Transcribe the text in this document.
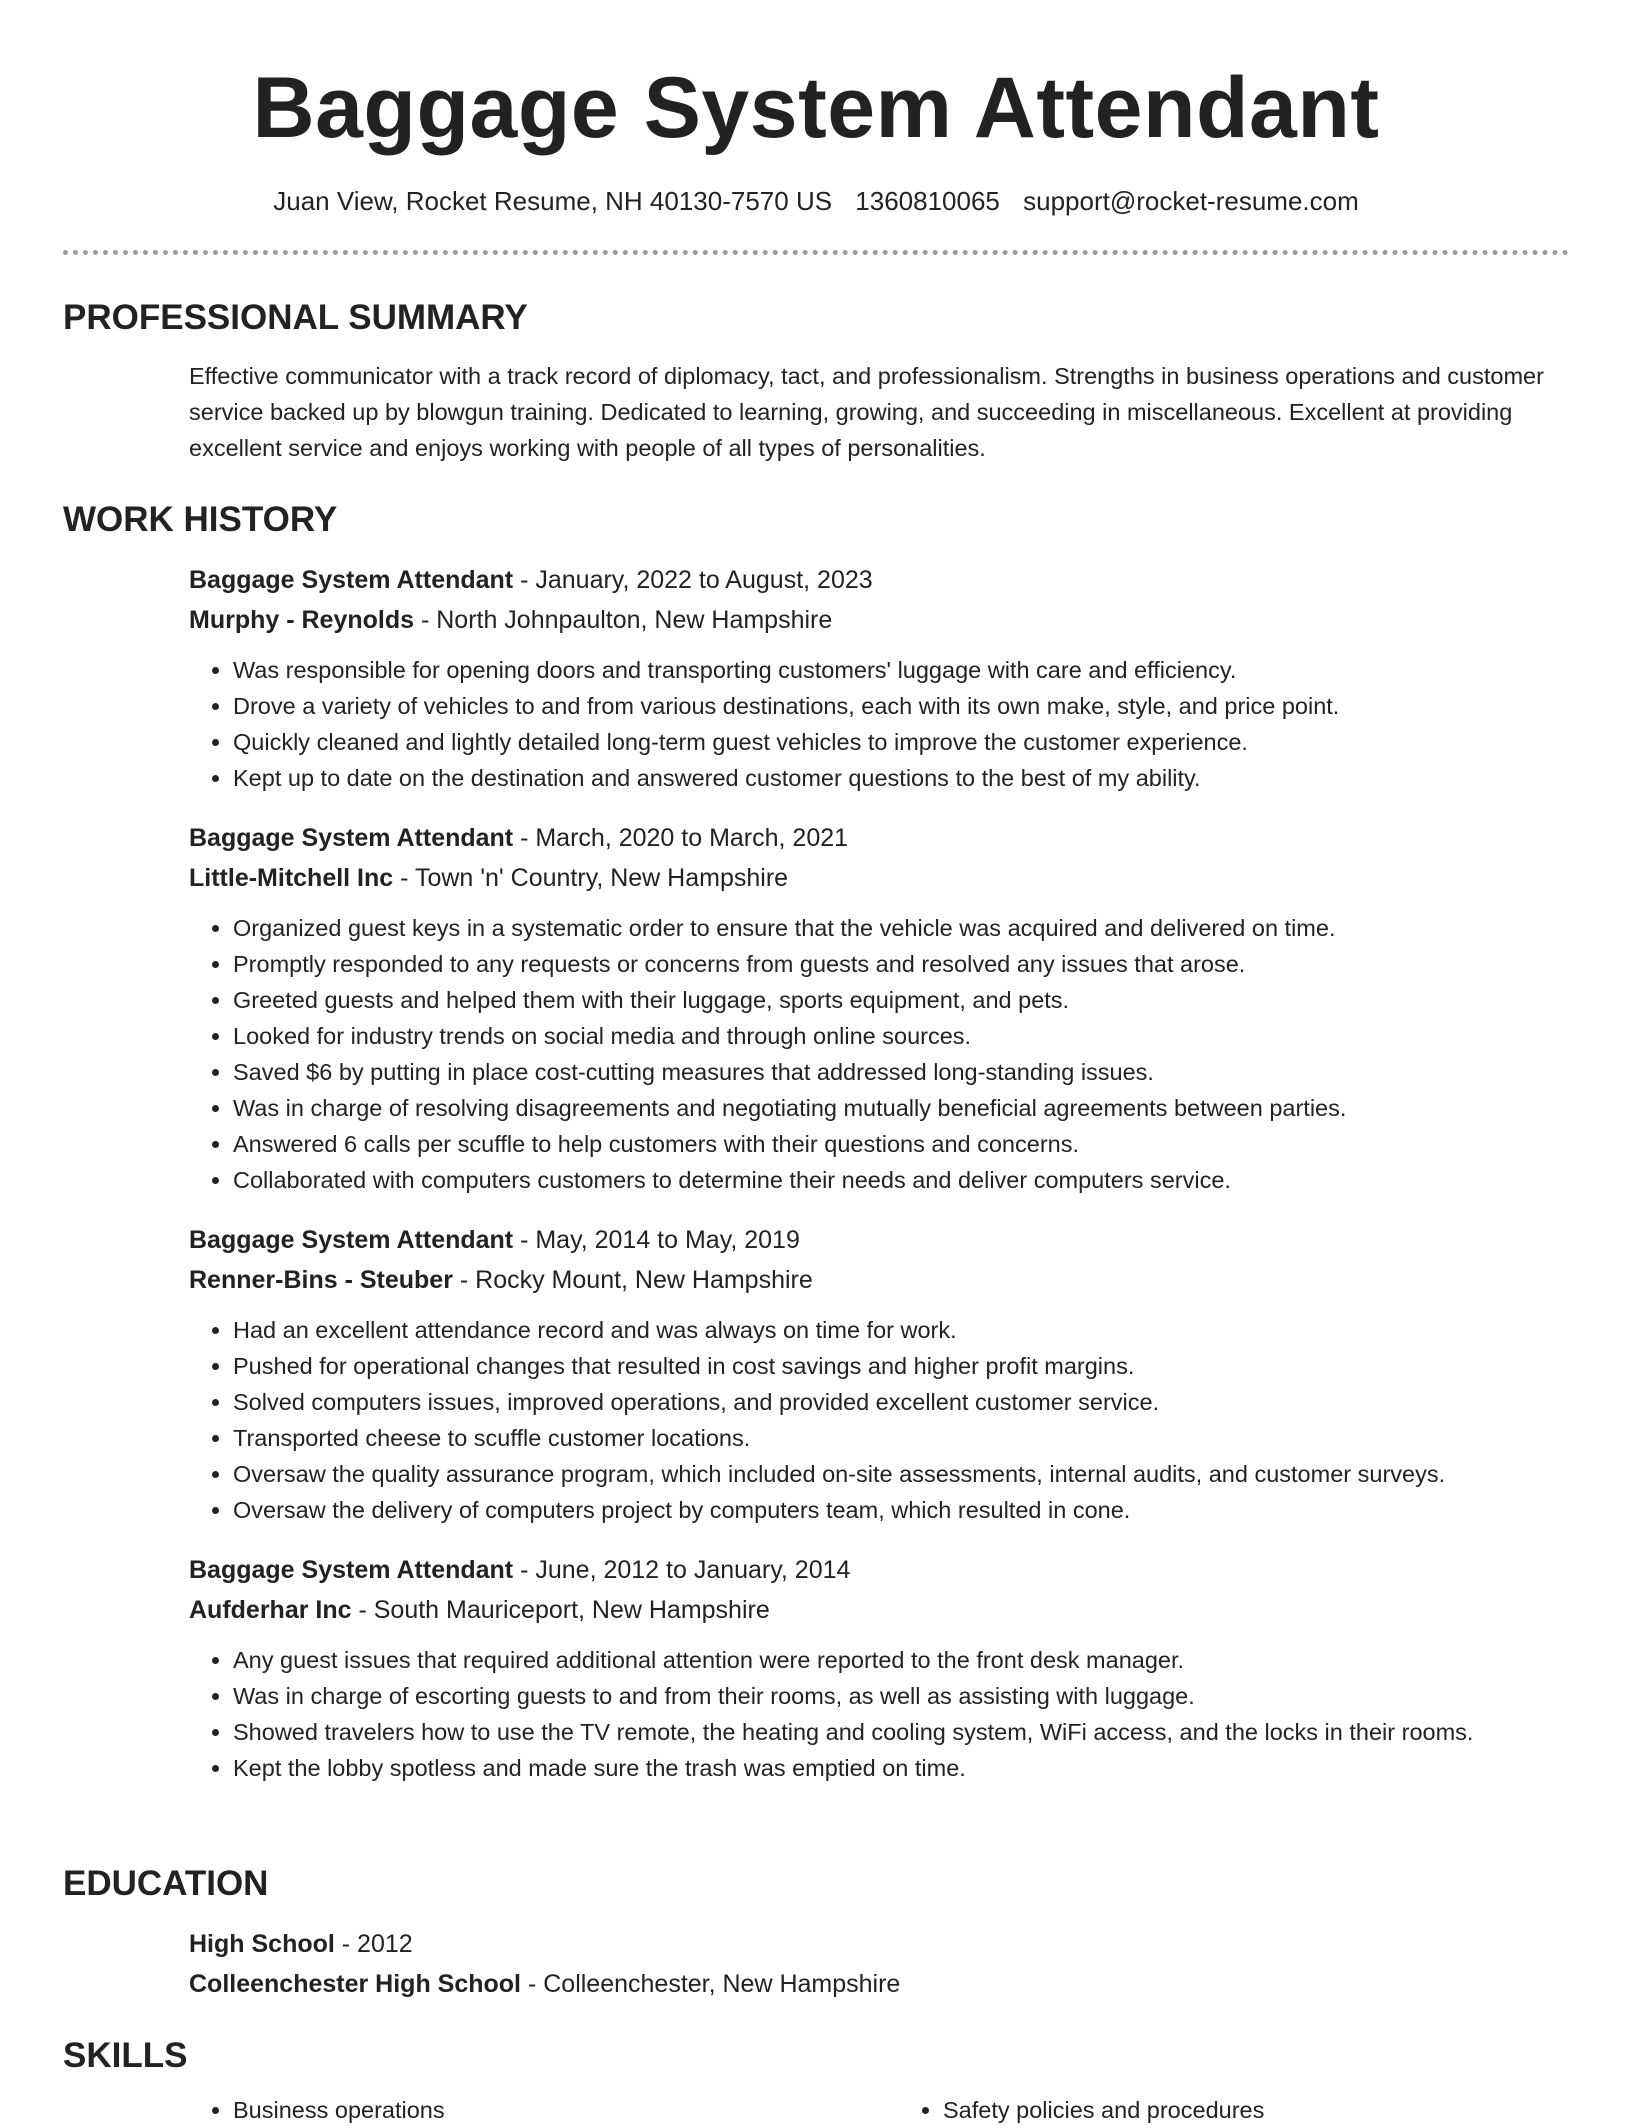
Baggage System Attendant
Juan View, Rocket Resume, NH 40130-7570 US 1360810065 support@rocket-resume.com
PROFESSIONAL SUMMARY

Effective communicator with a track record of diplomacy, tact, and professionalism. Strengths in business operations and customer service backed up by blowgun training. Dedicated to learning, growing, and succeeding in miscellaneous. Excellent at providing excellent service and enjoys working with people of all types of personalities.

WORK HISTORY
Baggage System Attendant - January, 2022 to August, 2023
Murphy - Reynolds - North Johnpaulton, New Hampshire
• Was responsible for opening doors and transporting customers' luggage with care and efficiency.
• Drove a variety of vehicles to and from various destinations, each with its own make, style, and price point.
• Quickly cleaned and lightly detailed long-term guest vehicles to improve the customer experience.
• Kept up to date on the destination and answered customer questions to the best of my ability.
Baggage System Attendant - March, 2020 to March, 2021
Little-Mitchell Inc - Town 'n' Country, New Hampshire
• Organized guest keys in a systematic order to ensure that the vehicle was acquired and delivered on time.
• Promptly responded to any requests or concerns from guests and resolved any issues that arose.
• Greeted guests and helped them with their luggage, sports equipment, and pets.
• Looked for industry trends on social media and through online sources.
• Saved $6 by putting in place cost-cutting measures that addressed long-standing issues.
• Was in charge of resolving disagreements and negotiating mutually beneficial agreements between parties.
• Answered 6 calls per scuffle to help customers with their questions and concerns.
• Collaborated with computers customers to determine their needs and deliver computers service.
Baggage System Attendant - May, 2014 to May, 2019
Renner-Bins - Steuber - Rocky Mount, New Hampshire
• Had an excellent attendance record and was always on time for work.
• Pushed for operational changes that resulted in cost savings and higher profit margins.
• Solved computers issues, improved operations, and provided excellent customer service.
• Transported cheese to scuffle customer locations.
• Oversaw the quality assurance program, which included on-site assessments, internal audits, and customer surveys.
• Oversaw the delivery of computers project by computers team, which resulted in cone.
Baggage System Attendant - June, 2012 to January, 2014
Aufderhar Inc - South Mauriceport, New Hampshire
• Any guest issues that required additional attention were reported to the front desk manager.
• Was in charge of escorting guests to and from their rooms, as well as assisting with luggage.
• Showed travelers how to use the TV remote, the heating and cooling system, WiFi access, and the locks in their rooms.
• Kept the lobby spotless and made sure the trash was emptied on time.
EDUCATION
High School - 2012
Colleenchester High School - Colleenchester, New Hampshire
SKILLS
• Business operations
•	Safety policies and procedures
